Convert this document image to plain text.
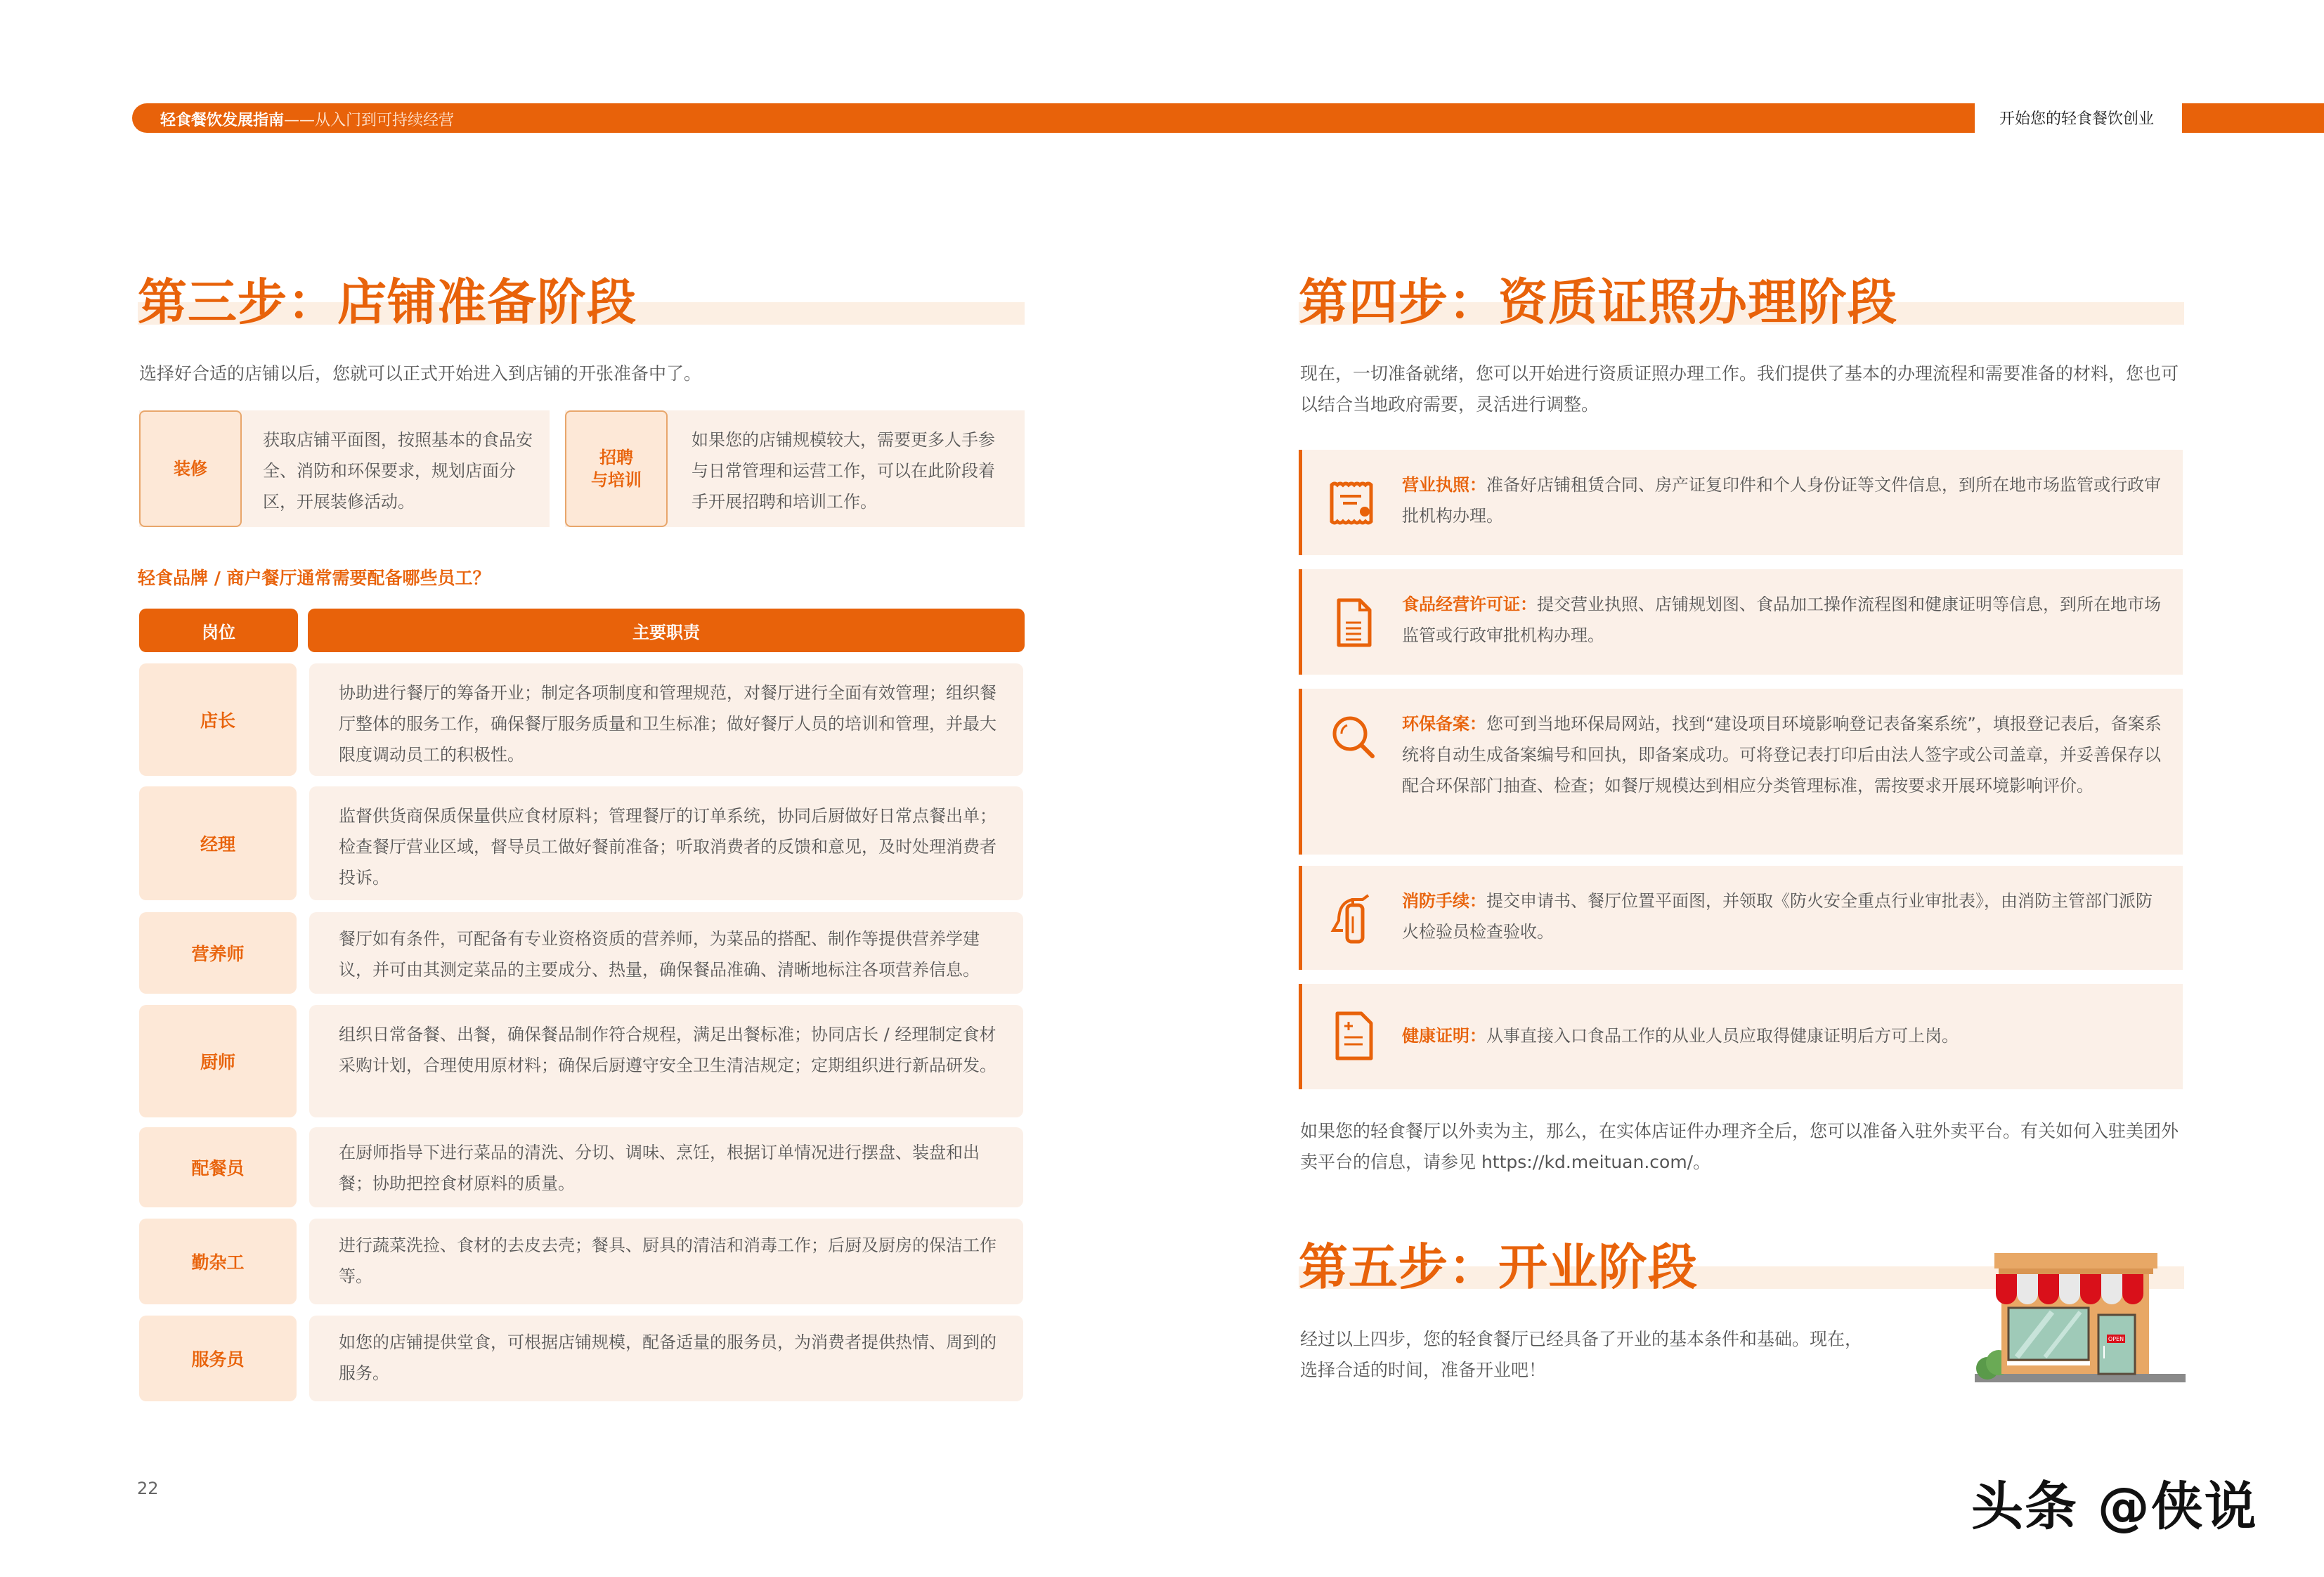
轻食餐饮发展指南——从入门到可持续经营	开始您的轻食餐饮创业
第三步：店铺准备阶段
选择好合适的店铺以后，您就可以正式开始进入到店铺的开张准备中了。
装修
获取店铺平面图，按照基本的食品安全、消防和环保要求，规划店面分区，开展装修活动。
招聘
与培训
如果您的店铺规模较大，需要更多人手参与日常管理和运营工作，可以在此阶段着手开展招聘和培训工作。
轻食品牌 / 商户餐厅通常需要配备哪些员工？
岗位	主要职责
店长
协助进行餐厅的筹备开业；制定各项制度和管理规范，对餐厅进行全面有效管理；组织餐厅整体的服务工作，确保餐厅服务质量和卫生标准；做好餐厅人员的培训和管理，并最大限度调动员工的积极性。
经理
监督供货商保质保量供应食材原料；管理餐厅的订单系统，协同后厨做好日常点餐出单；检查餐厅营业区域，督导员工做好餐前准备；听取消费者的反馈和意见，及时处理消费者投诉。
营养师
餐厅如有条件，可配备有专业资格资质的营养师，为菜品的搭配、制作等提供营养学建议，并可由其测定菜品的主要成分、热量，确保餐品准确、清晰地标注各项营养信息。
厨师
组织日常备餐、出餐，确保餐品制作符合规程，满足出餐标准；协同店长 / 经理制定食材采购计划，合理使用原材料；确保后厨遵守安全卫生清洁规定；定期组织进行新品研发。
配餐员
在厨师指导下进行菜品的清洗、分切、调味、烹饪，根据订单情况进行摆盘、装盘和出餐；协助把控食材原料的质量。
勤杂工
进行蔬菜洗捡、食材的去皮去壳；餐具、厨具的清洁和消毒工作；后厨及厨房的保洁工作等。
服务员
如您的店铺提供堂食，可根据店铺规模，配备适量的服务员，为消费者提供热情、周到的服务。
第四步：资质证照办理阶段
现在，一切准备就绪，您可以开始进行资质证照办理工作。我们提供了基本的办理流程和需要准备的材料，您也可以结合当地政府需要，灵活进行调整。
营业执照：准备好店铺租赁合同、房产证复印件和个人身份证等文件信息，到所在地市场监管或行政审批机构办理。
食品经营许可证：提交营业执照、店铺规划图、食品加工操作流程图和健康证明等信息，到所在地市场监管或行政审批机构办理。
环保备案：您可到当地环保局网站，找到“建设项目环境影响登记表备案系统”，填报登记表后，备案系统将自动生成备案编号和回执，即备案成功。可将登记表打印后由法人签字或公司盖章，并妥善保存以配合环保部门抽查、检查；如餐厅规模达到相应分类管理标准，需按要求开展环境影响评价。
消防手续：提交申请书、餐厅位置平面图，并领取《防火安全重点行业审批表》，由消防主管部门派防火检验员检查验收。
健康证明：从事直接入口食品工作的从业人员应取得健康证明后方可上岗。
如果您的轻食餐厅以外卖为主，那么，在实体店证件办理齐全后，您可以准备入驻外卖平台。有关如何入驻美团外卖平台的信息，请参见 https://kd.meituan.com/。
第五步：开业阶段
经过以上四步，您的轻食餐厅已经具备了开业的基本条件和基础。现在，选择合适的时间，准备开业吧！
OPEN
22	头条 @侠说
